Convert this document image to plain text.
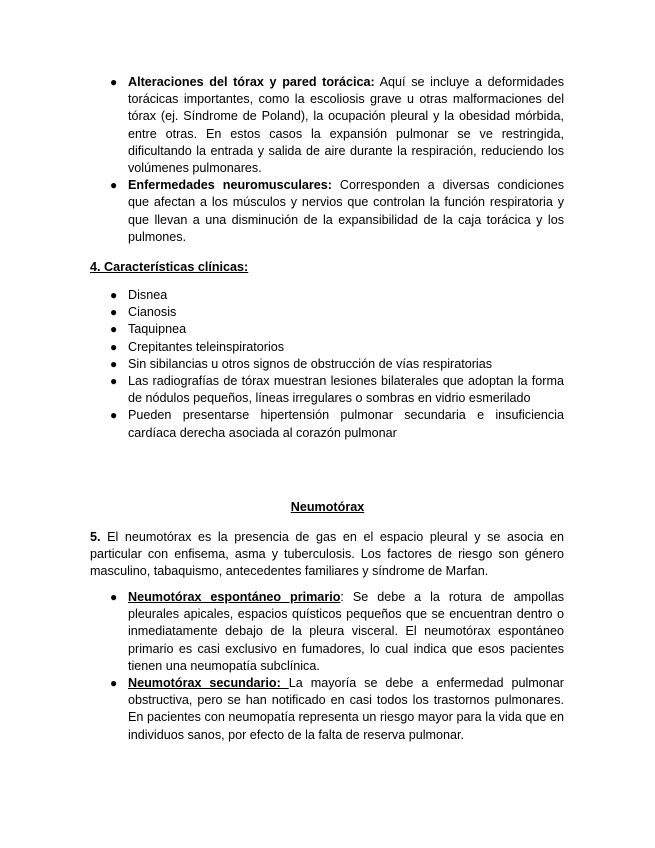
● Alteraciones del tórax y pared torácica: Aquí se incluye a deformidades torácicas importantes, como la escoliosis grave u otras malformaciones del tórax (ej. Síndrome de Poland), la ocupación pleural y la obesidad mórbida, entre otras. En estos casos la expansión pulmonar se ve restringida, dificultando la entrada y salida de aire durante la respiración, reduciendo los volúmenes pulmonares.
● Enfermedades neuromusculares: Corresponden a diversas condiciones que afectan a los músculos y nervios que controlan la función respiratoria y que llevan a una disminución de la expansibilidad de la caja torácica y los pulmones.
4. Características clínicas:
● Disnea
● Cianosis
● Taquipnea
● Crepitantes teleinspiratorios
● Sin sibilancias u otros signos de obstrucción de vías respiratorias
● Las radiografías de tórax muestran lesiones bilaterales que adoptan la forma de nódulos pequeños, líneas irregulares o sombras en vidrio esmerilado
● Pueden presentarse hipertensión pulmonar secundaria e insuficiencia cardíaca derecha asociada al corazón pulmonar
Neumotórax
5. El neumotórax es la presencia de gas en el espacio pleural y se asocia en particular con enfisema, asma y tuberculosis. Los factores de riesgo son género masculino, tabaquismo, antecedentes familiares y síndrome de Marfan.
● Neumotórax espontáneo primario: Se debe a la rotura de ampollas pleurales apicales, espacios quísticos pequeños que se encuentran dentro o inmediatamente debajo de la pleura visceral. El neumotórax espontáneo primario es casi exclusivo en fumadores, lo cual indica que esos pacientes tienen una neumopatía subclínica.
● Neumotórax secundario: La mayoría se debe a enfermedad pulmonar obstructiva, pero se han notificado en casi todos los trastornos pulmonares. En pacientes con neumopatía representa un riesgo mayor para la vida que en individuos sanos, por efecto de la falta de reserva pulmonar.
